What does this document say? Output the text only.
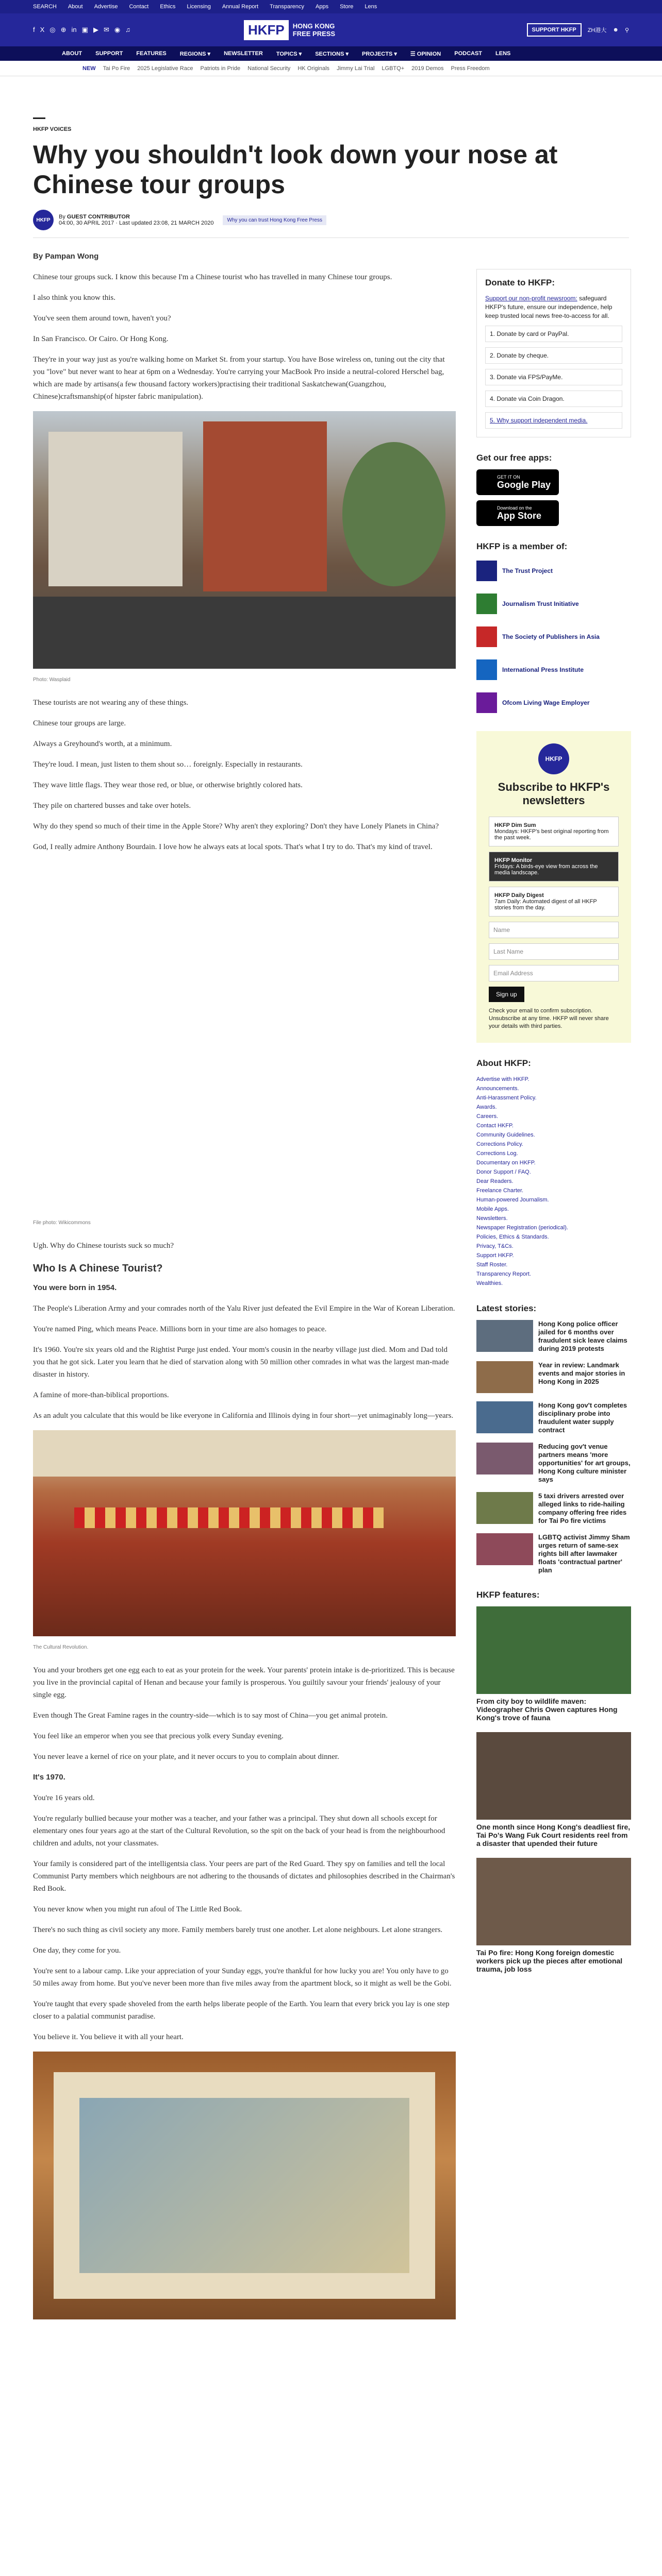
SEARCH About Advertise Contact Ethics Licensing Annual Report Transparency Apps Store Lens
f X ◎ ⊕ in ▣ ▶ ✉ ◉ ♫	HKFP	HONG KONG
FREE PRESS	SUPPORT HKFP	ZH港大 ☻ ⚲
ABOUT SUPPORT FEATURES REGIONS ▾ NEWSLETTER TOPICS ▾ SECTIONS ▾ PROJECTS ▾ ☰ OPINION PODCAST LENS
NEW Tai Po Fire 2025 Legislative Race Patriots in Pride National Security HK Originals Jimmy Lai Trial LGBTQ+ 2019 Demos Press Freedom
HKFP VOICES
Why you shouldn't look down your nose at Chinese tour groups
HKFP	By GUEST CONTRIBUTOR
04:00, 30 APRIL 2017 · Last updated 23:08, 21 MARCH 2020	Why you can trust Hong Kong Free Press

By Pampan Wong

Chinese tour groups suck. I know this because I'm a Chinese tourist who has travelled in many Chinese tour groups.

I also think you know this.

You've seen them around town, haven't you?

In San Francisco. Or Cairo. Or Hong Kong.

They're in your way just as you're walking home on Market St. from your startup. You have Bose wireless on, tuning out the city that you "love" but never want to hear at 6pm on a Wednesday. You're carrying your MacBook Pro inside a neutral-colored Herschel bag, which are made by artisans(a few thousand factory workers)practising their traditional Saskatchewan(Guangzhou, Chinese)craftsmanship(of hipster fabric manipulation).

Photo: Wasplaid

These tourists are not wearing any of these things.

Chinese tour groups are large.

Always a Greyhound's worth, at a minimum.

They're loud. I mean, just listen to them shout so… foreignly. Especially in restaurants.

They wave little flags. They wear those red, or blue, or otherwise brightly colored hats.

They pile on chartered busses and take over hotels.

Why do they spend so much of their time in the Apple Store? Why aren't they exploring? Don't they have Lonely Planets in China?

God, I really admire Anthony Bourdain. I love how he always eats at local spots. That's what I try to do. That's my kind of travel.

File photo: Wikicommons

Ugh. Why do Chinese tourists suck so much?

Who Is A Chinese Tourist?

You were born in 1954.

The People's Liberation Army and your comrades north of the Yalu River just defeated the Evil Empire in the War of Korean Liberation.

You're named Ping, which means Peace. Millions born in your time are also homages to peace.

It's 1960. You're six years old and the Rightist Purge just ended. Your mom's cousin in the nearby village just died. Mom and Dad told you that he got sick. Later you learn that he died of starvation along with 50 million other comrades in what was the largest man-made disaster in history.

A famine of more-than-biblical proportions.

As an adult you calculate that this would be like everyone in California and Illinois dying in four short—yet unimaginably long—years.

The Cultural Revolution.

You and your brothers get one egg each to eat as your protein for the week. Your parents' protein intake is de-prioritized. This is because you live in the provincial capital of Henan and because your family is prosperous. You guiltily savour your friends' jealousy of your single egg.

Even though The Great Famine rages in the country-side—which is to say most of China—you get animal protein.

You feel like an emperor when you see that precious yolk every Sunday evening.

You never leave a kernel of rice on your plate, and it never occurs to you to complain about dinner.

It's 1970.

You're 16 years old.

You're regularly bullied because your mother was a teacher, and your father was a principal. They shut down all schools except for elementary ones four years ago at the start of the Cultural Revolution, so the spit on the back of your head is from the neighbourhood children and adults, not your classmates.

Your family is considered part of the intelligentsia class. Your peers are part of the Red Guard. They spy on families and tell the local Communist Party members which neighbours are not adhering to the thousands of dictates and philosophies described in the Chairman's Red Book.

You never know when you might run afoul of The Little Red Book.

There's no such thing as civil society any more. Family members barely trust one another. Let alone neighbours. Let alone strangers.

One day, they come for you.

You're sent to a labour camp. Like your appreciation of your Sunday eggs, you're thankful for how lucky you are! You only have to go 50 miles away from home. But you've never been more than five miles away from the apartment block, so it might as well be the Gobi.

You're taught that every spade shoveled from the earth helps liberate people of the Earth. You learn that every brick you lay is one step closer to a palatial communist paradise.

You believe it. You believe it with all your heart.

Donate to HKFP:

Support our non-profit newsroom: safeguard HKFP's future, ensure our independence, help keep trusted local news free-to-access for all.

1. Donate by card or PayPal.
2. Donate by cheque.
3. Donate via FPS/PayMe.
4. Donate via Coin Dragon.
5. Why support independent media.
Get our free apps:
GET IT ON
Google Play
Download on the
App Store
HKFP is a member of:
The Trust Project
Journalism Trust Initiative
The Society of Publishers in Asia
International Press Institute
Ofcom Living Wage Employer
HKFP
Subscribe to HKFP's newsletters
HKFP Dim Sum
Mondays: HKFP's best original reporting from the past week.
HKFP Monitor
Fridays: A birds-eye view from across the media landscape.
HKFP Daily Digest
7am Daily: Automated digest of all HKFP stories from the day.
Name
Last Name
Email Address
Sign up

Check your email to confirm subscription. Unsubscribe at any time. HKFP will never share your details with third parties.

About HKFP:
Advertise with HKFP.
Announcements.
Anti-Harassment Policy.
Awards.
Careers.
Contact HKFP.
Community Guidelines.
Corrections Policy.
Corrections Log.
Documentary on HKFP.
Donor Support / FAQ.
Dear Readers.
Freelance Charter.
Human-powered Journalism.
Mobile Apps.
Newsletters.
Newspaper Registration (periodical).
Policies, Ethics & Standards.
Privacy, T&Cs.
Support HKFP.
Staff Roster.
Transparency Report.
Wealthies.
Latest stories:
Hong Kong police officer jailed for 6 months over fraudulent sick leave claims during 2019 protests
Year in review: Landmark events and major stories in Hong Kong in 2025
Hong Kong gov't completes disciplinary probe into fraudulent water supply contract
Reducing gov't venue partners means 'more opportunities' for art groups, Hong Kong culture minister says
5 taxi drivers arrested over alleged links to ride-hailing company offering free rides for Tai Po fire victims
LGBTQ activist Jimmy Sham urges return of same-sex rights bill after lawmaker floats 'contractual partner' plan
HKFP features:
From city boy to wildlife maven: Videographer Chris Owen captures Hong Kong's trove of fauna
One month since Hong Kong's deadliest fire, Tai Po's Wang Fuk Court residents reel from a disaster that upended their future
Tai Po fire: Hong Kong foreign domestic workers pick up the pieces after emotional trauma, job loss
